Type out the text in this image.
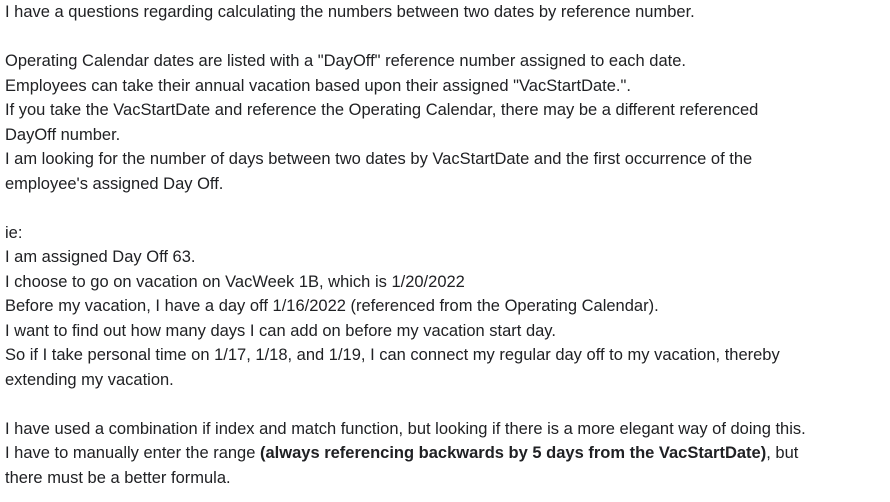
I have a questions regarding calculating the numbers between two dates by reference number.
Operating Calendar dates are listed with a "DayOff" reference number assigned to each date.
Employees can take their annual vacation based upon their assigned "VacStartDate.".
If you take the VacStartDate and reference the Operating Calendar, there may be a different referenced
DayOff number.
I am looking for the number of days between two dates by VacStartDate and the first occurrence of the
employee's assigned Day Off.
ie:
I am assigned Day Off 63.
I choose to go on vacation on VacWeek 1B, which is 1/20/2022
Before my vacation, I have a day off 1/16/2022 (referenced from the Operating Calendar).
I want to find out how many days I can add on before my vacation start day.
So if I take personal time on 1/17, 1/18, and 1/19, I can connect my regular day off to my vacation, thereby
extending my vacation.
I have used a combination if index and match function, but looking if there is a more elegant way of doing this.
I have to manually enter the range (always referencing backwards by 5 days from the VacStartDate), but
there must be a better formula.
